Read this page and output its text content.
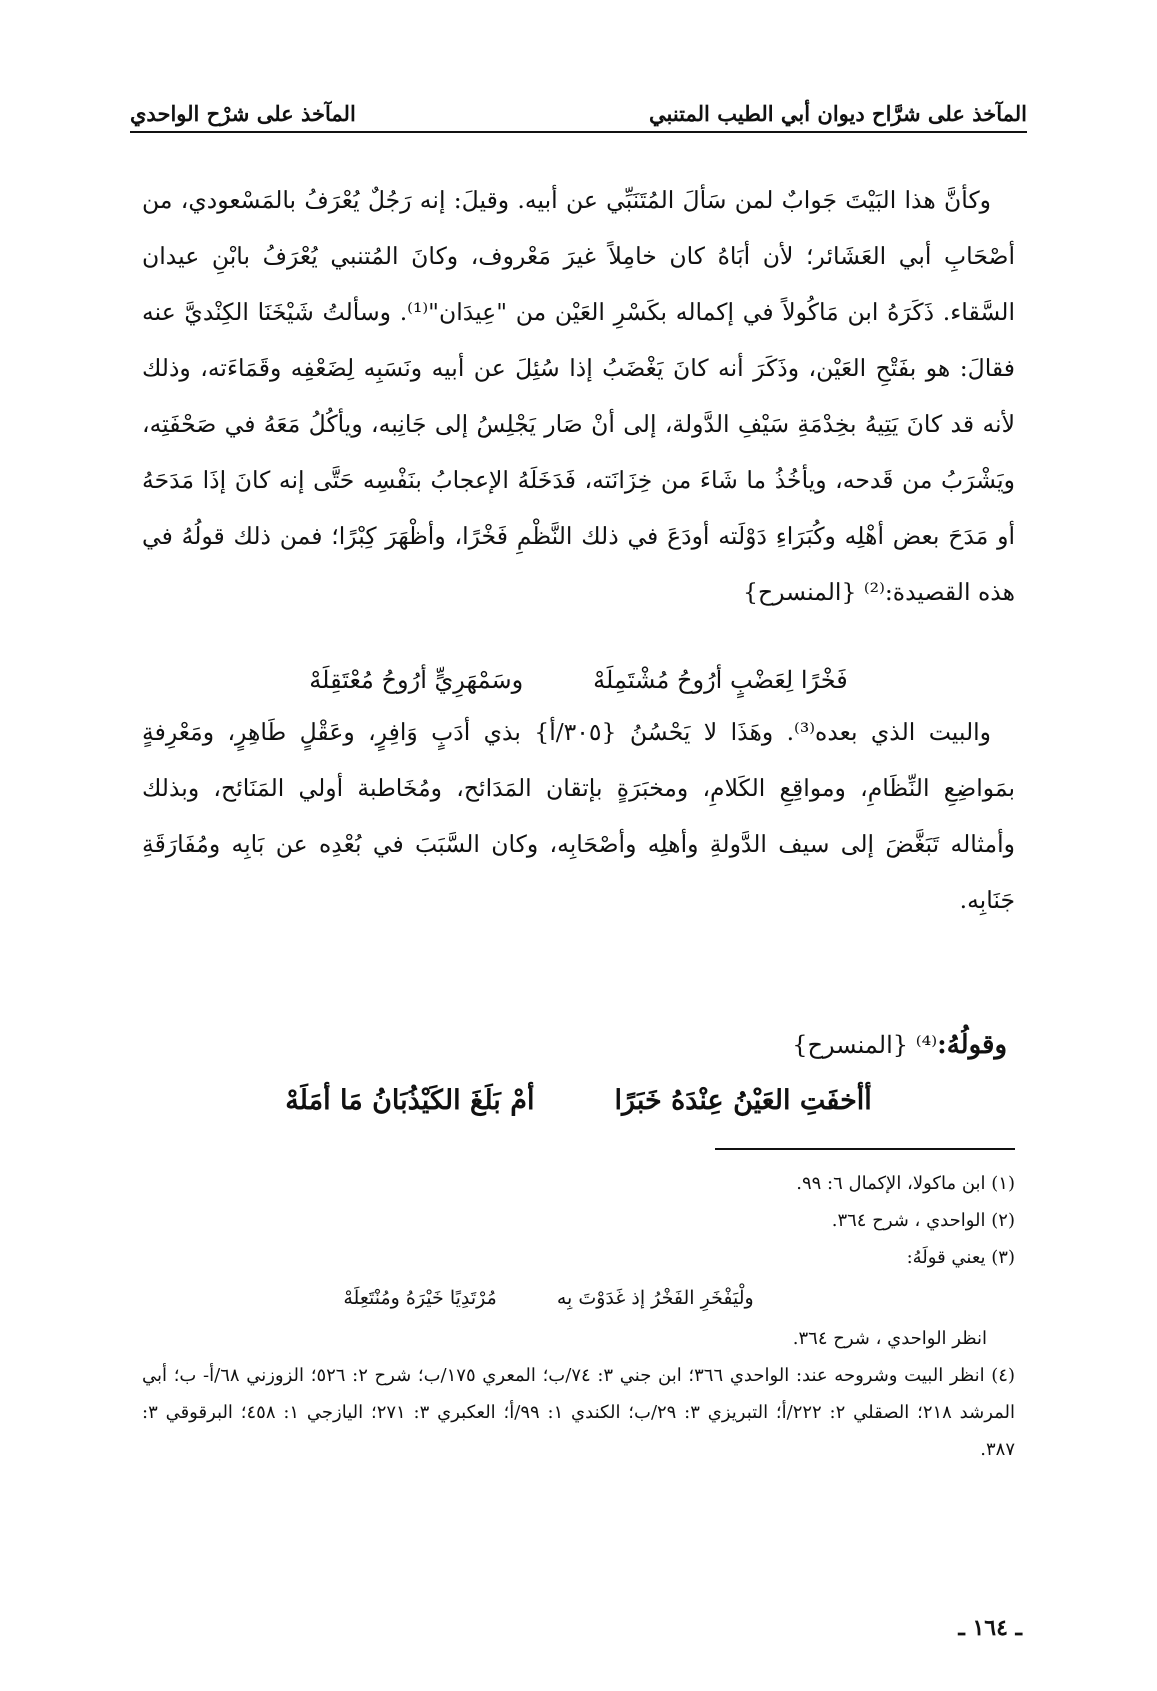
المآخذ على شرَّاح ديوان أبي الطيب المتنبي
المآخذ على شرْح الواحدي

وكأنَّ هذا البَيْتَ جَوابٌ لمن سَألَ المُتَنَبِّي عن أبيه. وقيلَ: إنه رَجُلٌ يُعْرَفُ بالمَسْعودي، من أصْحَابِ أبي العَشَائر؛ لأن أبَاهُ كان خامِلاً غيرَ مَعْروف، وكانَ المُتنبي يُعْرَفُ بابْنِ عيدان السَّقاء. ذَكَرَهُ ابن مَاكُولاً في إكماله بكَسْرِ العَيْن من "عِيدَان"⁽¹⁾. وسألتُ شَيْخَنَا الكِنْديَّ عنه فقالَ: هو بفَتْحِ العَيْن، وذَكَرَ أنه كانَ يَغْضَبُ إذا سُئِلَ عن أبيه ونَسَبِه لِضَعْفِه وقَمَاءَته، وذلك لأنه قد كانَ يَتِيهُ بخِدْمَةِ سَيْفِ الدَّولة، إلى أنْ صَار يَجْلِسُ إلى جَانِبه، ويأكُلُ مَعَهُ في صَحْفَتِه، ويَشْرَبُ من قَدحه، ويأخُذُ ما شَاءَ من خِزَانَته، فَدَخَلَهُ الإعجابُ بنَفْسِه حَتَّى إنه كانَ إذَا مَدَحَهُ أو مَدَحَ بعض أهْلِه وكُبَرَاءِ دَوْلَته أودَعَ في ذلك النَّظْمِ فَخْرًا، وأظْهَرَ كِبْرًا؛ فمن ذلك قولُهُ في هذه القصيدة:⁽²⁾ {المنسرح}

فَخْرًا لِعَضْبٍ أرُوحُ مُشْتَمِلَهْ
وسَمْهَرِيٍّ أرُوحُ مُعْتَقِلَهْ

والبيت الذي بعده⁽³⁾. وهَذَا لا يَحْسُنُ {٣٠٥/أ} بذي أدَبٍ وَافِرٍ، وعَقْلٍ طَاهِرٍ، ومَعْرِفةٍ بمَواضِعِ النِّظَامِ، ومواقِعِ الكَلامِ، ومخبَرَةٍ بإتقان المَدَائح، ومُخَاطبة أولي المَنَائح، وبذلك وأمثاله تَبَغَّضَ إلى سيف الدَّولةِ وأهلِه وأصْحَابِه، وكان السَّبَبَ في بُعْدِه عن بَابِه ومُفَارَقَةِ جَنَابِه.

وقولُهُ:⁽⁴⁾ {المنسرح}
أأخفَتِ العَيْنُ عِنْدَهُ خَبَرًا
أمْ بَلَغَ الكَيْذُبَانُ مَا أمَلَهْ

(١) ابن ماكولا، الإكمال ٦: ٩٩.

(٢) الواحدي ، شرح ٣٦٤.

(٣) يعني قولَهُ:

ولْيَفْخَرِ الفَخْرُ إذ غَدَوْتَ بِه
مُرْتَدِيًا خَيْرَهُ ومُنْتَعِلَهْ

انظر الواحدي ، شرح ٣٦٤.

(٤) انظر البيت وشروحه عند: الواحدي ٣٦٦؛ ابن جني ٣: ٧٤/ب؛ المعري ١٧٥/ب؛ شرح ٢: ٥٢٦؛ الزوزني ٦٨/أ- ب؛ أبي المرشد ٢١٨؛ الصقلي ٢: ٢٢٢/أ؛ التبريزي ٣: ٢٩/ب؛ الكندي ١: ٩٩/أ؛ العكبري ٣: ٢٧١؛ اليازجي ١: ٤٥٨؛ البرقوقي ٣: ٣٨٧.

ـ ١٦٤ ـ
